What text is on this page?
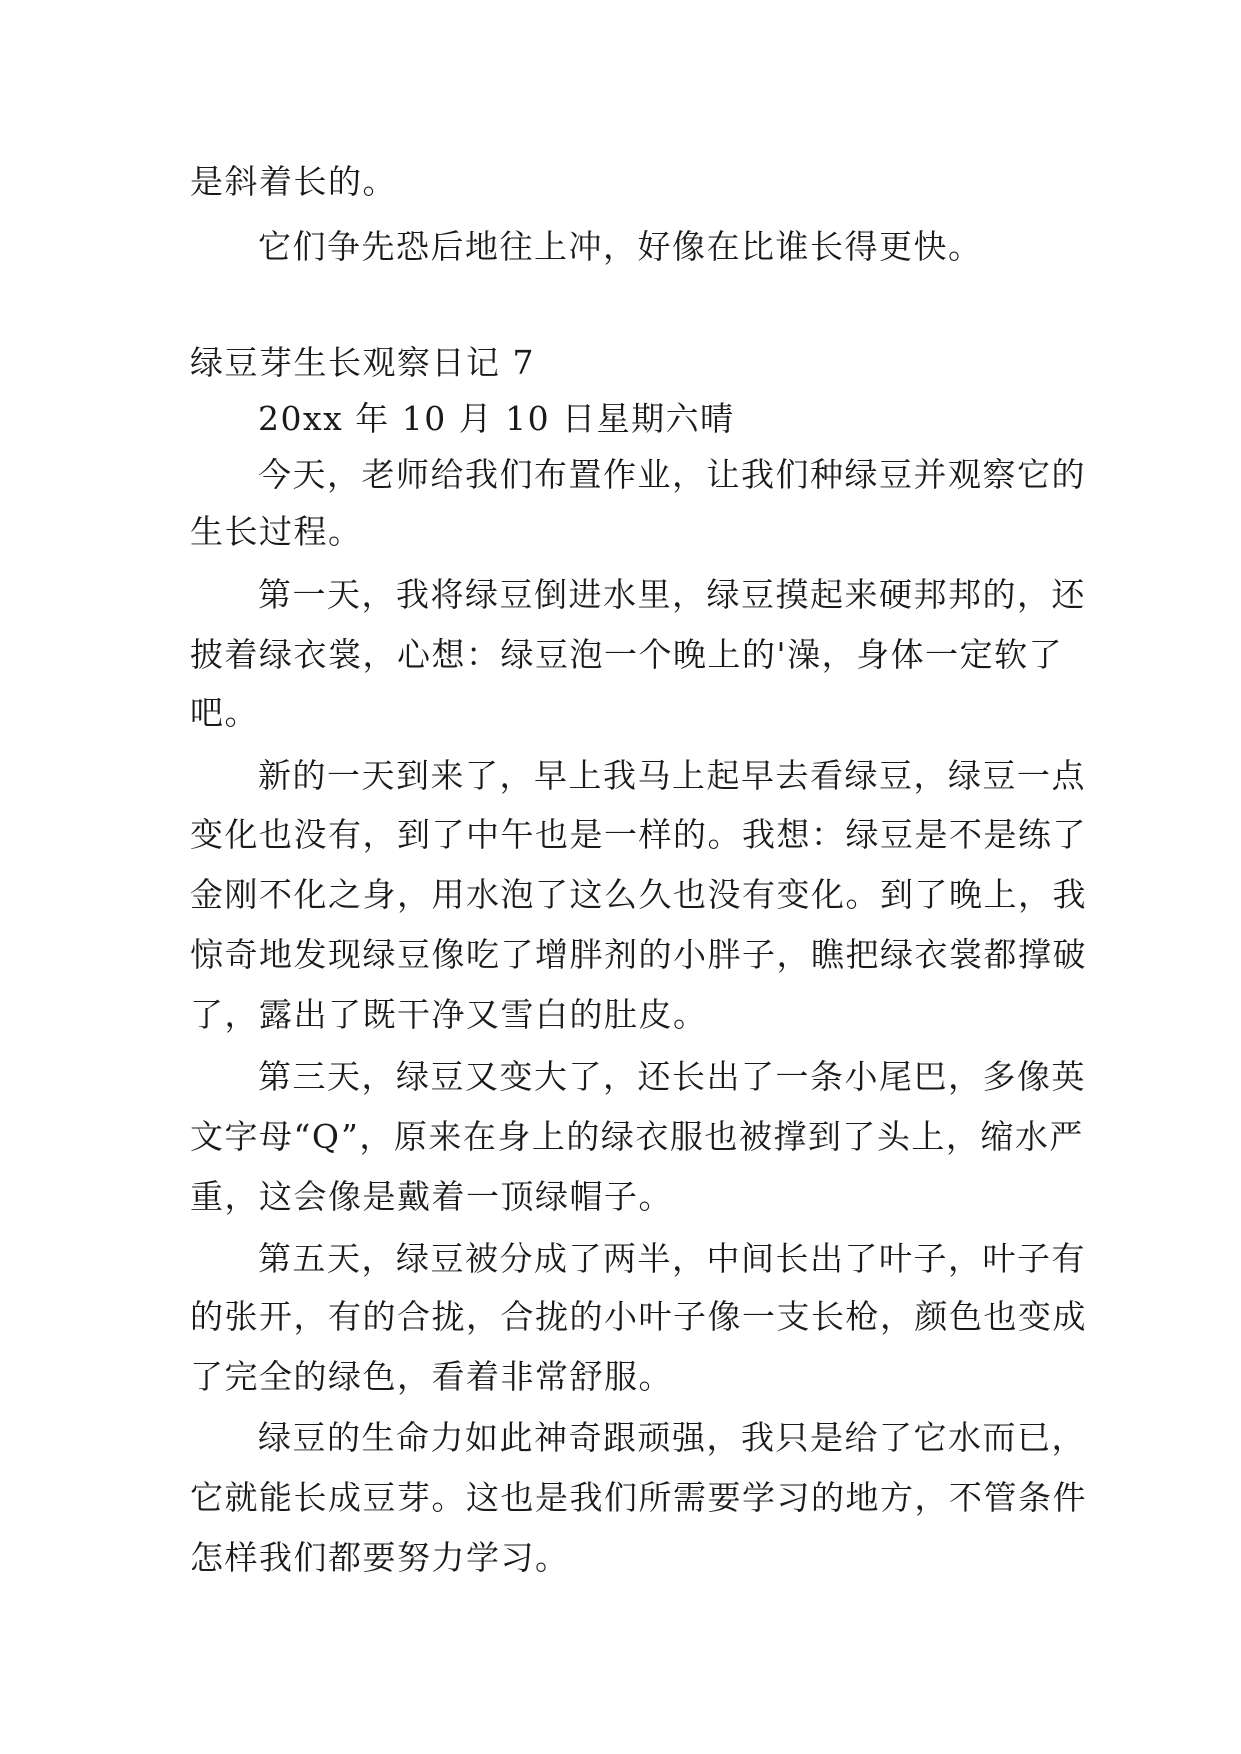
是斜着长的。
它们争先恐后地往上冲，好像在比谁长得更快。
绿豆芽生长观察日记 7
20xx 年 10 月 10 日星期六晴
今天，老师给我们布置作业，让我们种绿豆并观察它的
生长过程。
第一天，我将绿豆倒进水里，绿豆摸起来硬邦邦的，还
披着绿衣裳，心想：绿豆泡一个晚上的'澡，身体一定软了
吧。
新的一天到来了，早上我马上起早去看绿豆，绿豆一点
变化也没有，到了中午也是一样的。我想：绿豆是不是练了
金刚不化之身，用水泡了这么久也没有变化。到了晚上，我
惊奇地发现绿豆像吃了增胖剂的小胖子，瞧把绿衣裳都撑破
了，露出了既干净又雪白的肚皮。
第三天，绿豆又变大了，还长出了一条小尾巴，多像英
文字母“Q”，原来在身上的绿衣服也被撑到了头上，缩水严
重，这会像是戴着一顶绿帽子。
第五天，绿豆被分成了两半，中间长出了叶子，叶子有
的张开，有的合拢，合拢的小叶子像一支长枪，颜色也变成
了完全的绿色，看着非常舒服。
绿豆的生命力如此神奇跟顽强，我只是给了它水而已，
它就能长成豆芽。这也是我们所需要学习的地方，不管条件
怎样我们都要努力学习。
